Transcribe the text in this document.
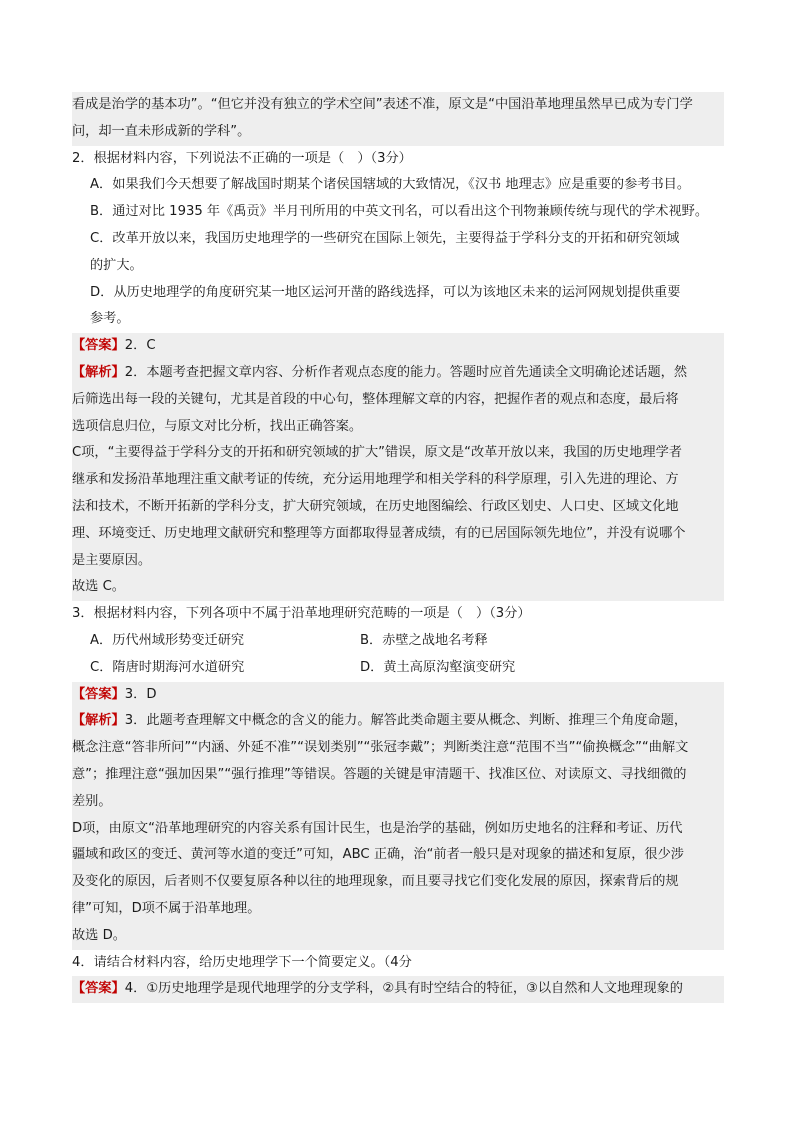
看成是治学的基本功”。“但它并没有独立的学术空间”表述不准，原文是“中国沿革地理虽然早已成为专门学
问，却一直未形成新的学科”。
2．根据材料内容，下列说法不正确的一项是（　）（3分）
A．如果我们今天想要了解战国时期某个诸侯国辖域的大致情况，《汉书 地理志》应是重要的参考书目。
B．通过对比 1935 年《禹贡》半月刊所用的中英文刊名，可以看出这个刊物兼顾传统与现代的学术视野。
C．改革开放以来，我国历史地理学的一些研究在国际上领先，主要得益于学科分支的开拓和研究领域
的扩大。
D．从历史地理学的角度研究某一地区运河开凿的路线选择，可以为该地区未来的运河网规划提供重要
参考。
【答案】2．C
【解析】2．本题考查把握文章内容、分析作者观点态度的能力。答题时应首先通读全文明确论述话题，然
后筛选出每一段的关键句，尤其是首段的中心句，整体理解文章的内容，把握作者的观点和态度，最后将
选项信息归位，与原文对比分析，找出正确答案。
C项，“主要得益于学科分支的开拓和研究领域的扩大”错误，原文是“改革开放以来，我国的历史地理学者
继承和发扬沿革地理注重文献考证的传统，充分运用地理学和相关学科的科学原理，引入先进的理论、方
法和技术，不断开拓新的学科分支，扩大研究领域，在历史地图编绘、行政区划史、人口史、区域文化地
理、环境变迁、历史地理文献研究和整理等方面都取得显著成绩，有的已居国际领先地位”，并没有说哪个
是主要原因。
故选 C。
3．根据材料内容，下列各项中不属于沿革地理研究范畴的一项是（　）（3分）
A．历代州域形势变迁研究	B．赤壁之战地名考释
C．隋唐时期海河水道研究	D．黄土高原沟壑演变研究
【答案】3．D
【解析】3．此题考查理解文中概念的含义的能力。解答此类命题主要从概念、判断、推理三个角度命题，
概念注意“答非所问”“内涵、外延不准”“误划类别”“张冠李戴”；判断类注意“范围不当”“偷换概念”“曲解文
意”；推理注意“强加因果”“强行推理”等错误。答题的关键是审清题干、找准区位、对读原文、寻找细微的
差别。
D项，由原文“沿革地理研究的内容关系有国计民生，也是治学的基础，例如历史地名的注释和考证、历代
疆域和政区的变迁、黄河等水道的变迁”可知，ABC 正确，治“前者一般只是对现象的描述和复原，很少涉
及变化的原因，后者则不仅要复原各种以往的地理现象，而且要寻找它们变化发展的原因，探索背后的规
律”可知，D项不属于沿革地理。
故选 D。
4．请结合材料内容，给历史地理学下一个简要定义。（4分
【答案】4．①历史地理学是现代地理学的分支学科，②具有时空结合的特征，③以自然和人文地理现象的
